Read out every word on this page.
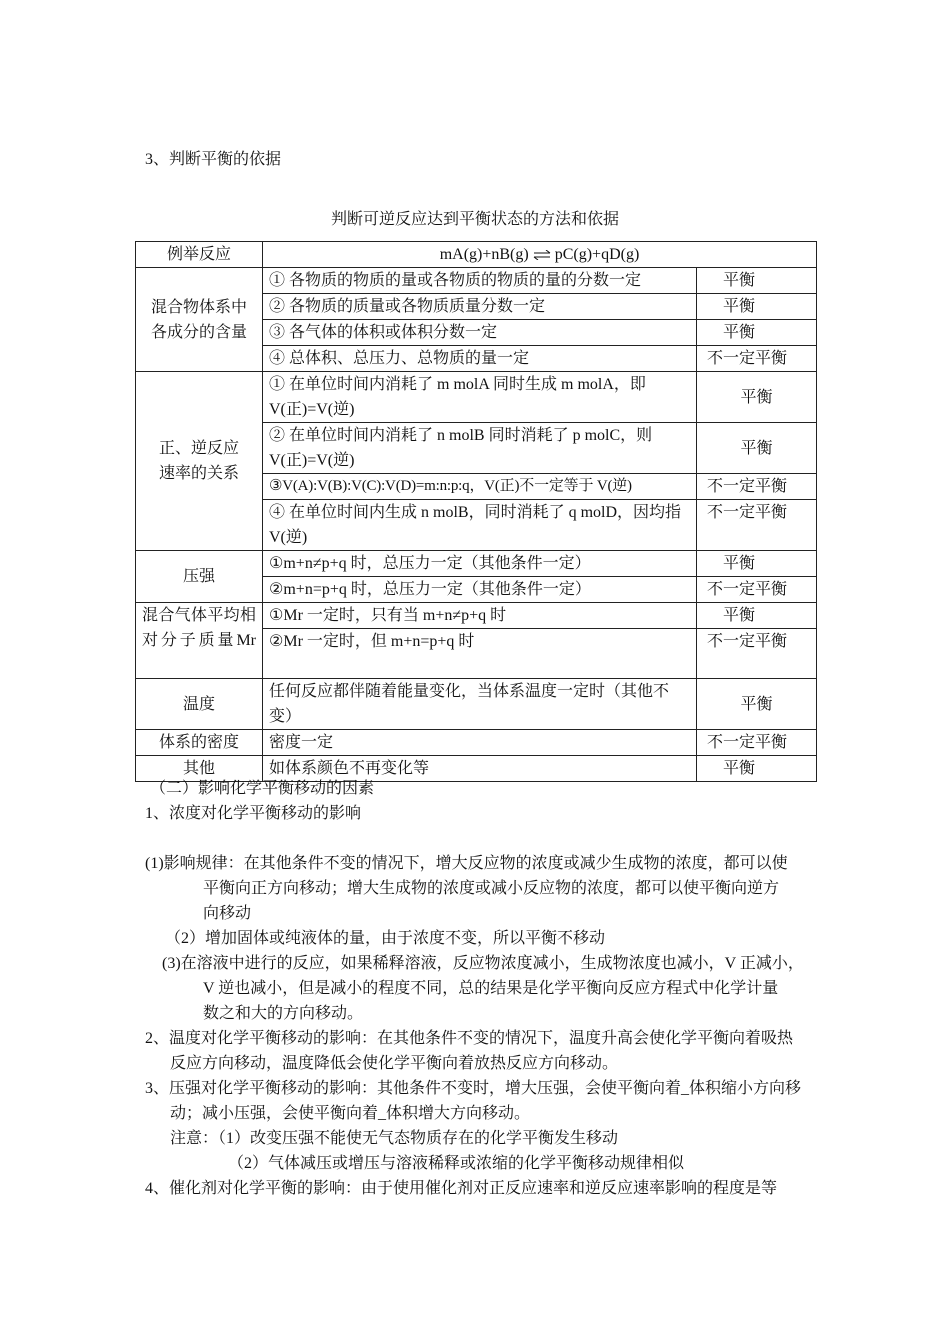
3、判断平衡的依据
判断可逆反应达到平衡状态的方法和依据
例举反应	mA(g)+nB(g) ⇌ pC(g)+qD(g)	
混合物体系中各成分的含量	① 各物质的物质的量或各物质的物质的量的分数一定	平衡
	② 各物质的质量或各物质质量分数一定	平衡
	③ 各气体的体积或体积分数一定	平衡
	④ 总体积、总压力、总物质的量一定	不一定平衡
正、逆反应速率的关系	① 在单位时间内消耗了 m molA 同时生成 m molA，即 V(正)=V(逆)	平衡
	② 在单位时间内消耗了 n molB 同时消耗了 p molC，则 V(正)=V(逆)	平衡
	③V(A):V(B):V(C):V(D)=m:n:p:q，V(正)不一定等于 V(逆)	不一定平衡
	④ 在单位时间内生成 n molB，同时消耗了 q molD，因均指 V(逆)	不一定平衡
压强	①m+n≠p+q 时，总压力一定（其他条件一定）	平衡
	②m+n=p+q 时，总压力一定（其他条件一定）	不一定平衡
混合气体平均相对分子质量Mr	①Mr 一定时，只有当 m+n≠p+q 时	平衡
	②Mr 一定时，但 m+n=p+q 时	不一定平衡
温度	任何反应都伴随着能量变化，当体系温度一定时（其他不变）	平衡
体系的密度	密度一定	不一定平衡
其他	如体系颜色不再变化等	平衡
（二）影响化学平衡移动的因素
1、浓度对化学平衡移动的影响
(1)影响规律：在其他条件不变的情况下，增大反应物的浓度或减少生成物的浓度，都可以使
平衡向正方向移动；增大生成物的浓度或减小反应物的浓度，都可以使平衡向逆方
向移动
（2）增加固体或纯液体的量，由于浓度不变，所以平衡不移动
(3)在溶液中进行的反应，如果稀释溶液，反应物浓度减小，生成物浓度也减小，V 正减小，
V 逆也减小，但是减小的程度不同，总的结果是化学平衡向反应方程式中化学计量
数之和大的方向移动。
2、温度对化学平衡移动的影响：在其他条件不变的情况下，温度升高会使化学平衡向着吸热
反应方向移动，温度降低会使化学平衡向着放热反应方向移动。
3、压强对化学平衡移动的影响：其他条件不变时，增大压强，会使平衡向着_体积缩小方向移
动；减小压强，会使平衡向着_体积增大方向移动。
注意：（1）改变压强不能使无气态物质存在的化学平衡发生移动
（2）气体减压或增压与溶液稀释或浓缩的化学平衡移动规律相似
4、催化剂对化学平衡的影响：由于使用催化剂对正反应速率和逆反应速率影响的程度是等
